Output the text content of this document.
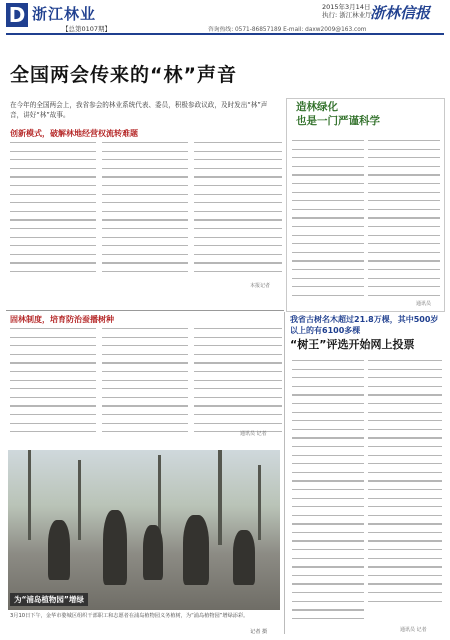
D 浙江林业
【总第0107期】
2015年3月14日
执行: 浙江林业厅
浙林信报
咨询热线: 0571-86857189 E-mail: daxw2009@163.com
全国两会传来的“林”声音
在今年的全国两会上，我省参会的林业系统代表、委员，积极参政议政，及时发出“林”声音，讲好“林”故事。
创新模式，破解林地经营权流转难题
本报记者
造林绿化
也是一门严谨科学
通讯员
固林制度，培育防治蚕播树种
通讯员 记者
为“浦岛植物园”增绿
3月10日下午，金华市婺城区组织干部职工和志愿者在浦岛植物园义务植树，为“浦岛植物园”增绿添彩。
记者 摄
我省古树名木超过21.8万棵，其中500岁以上的有6100多棵
“树王”评选开始网上投票
通讯员 记者
